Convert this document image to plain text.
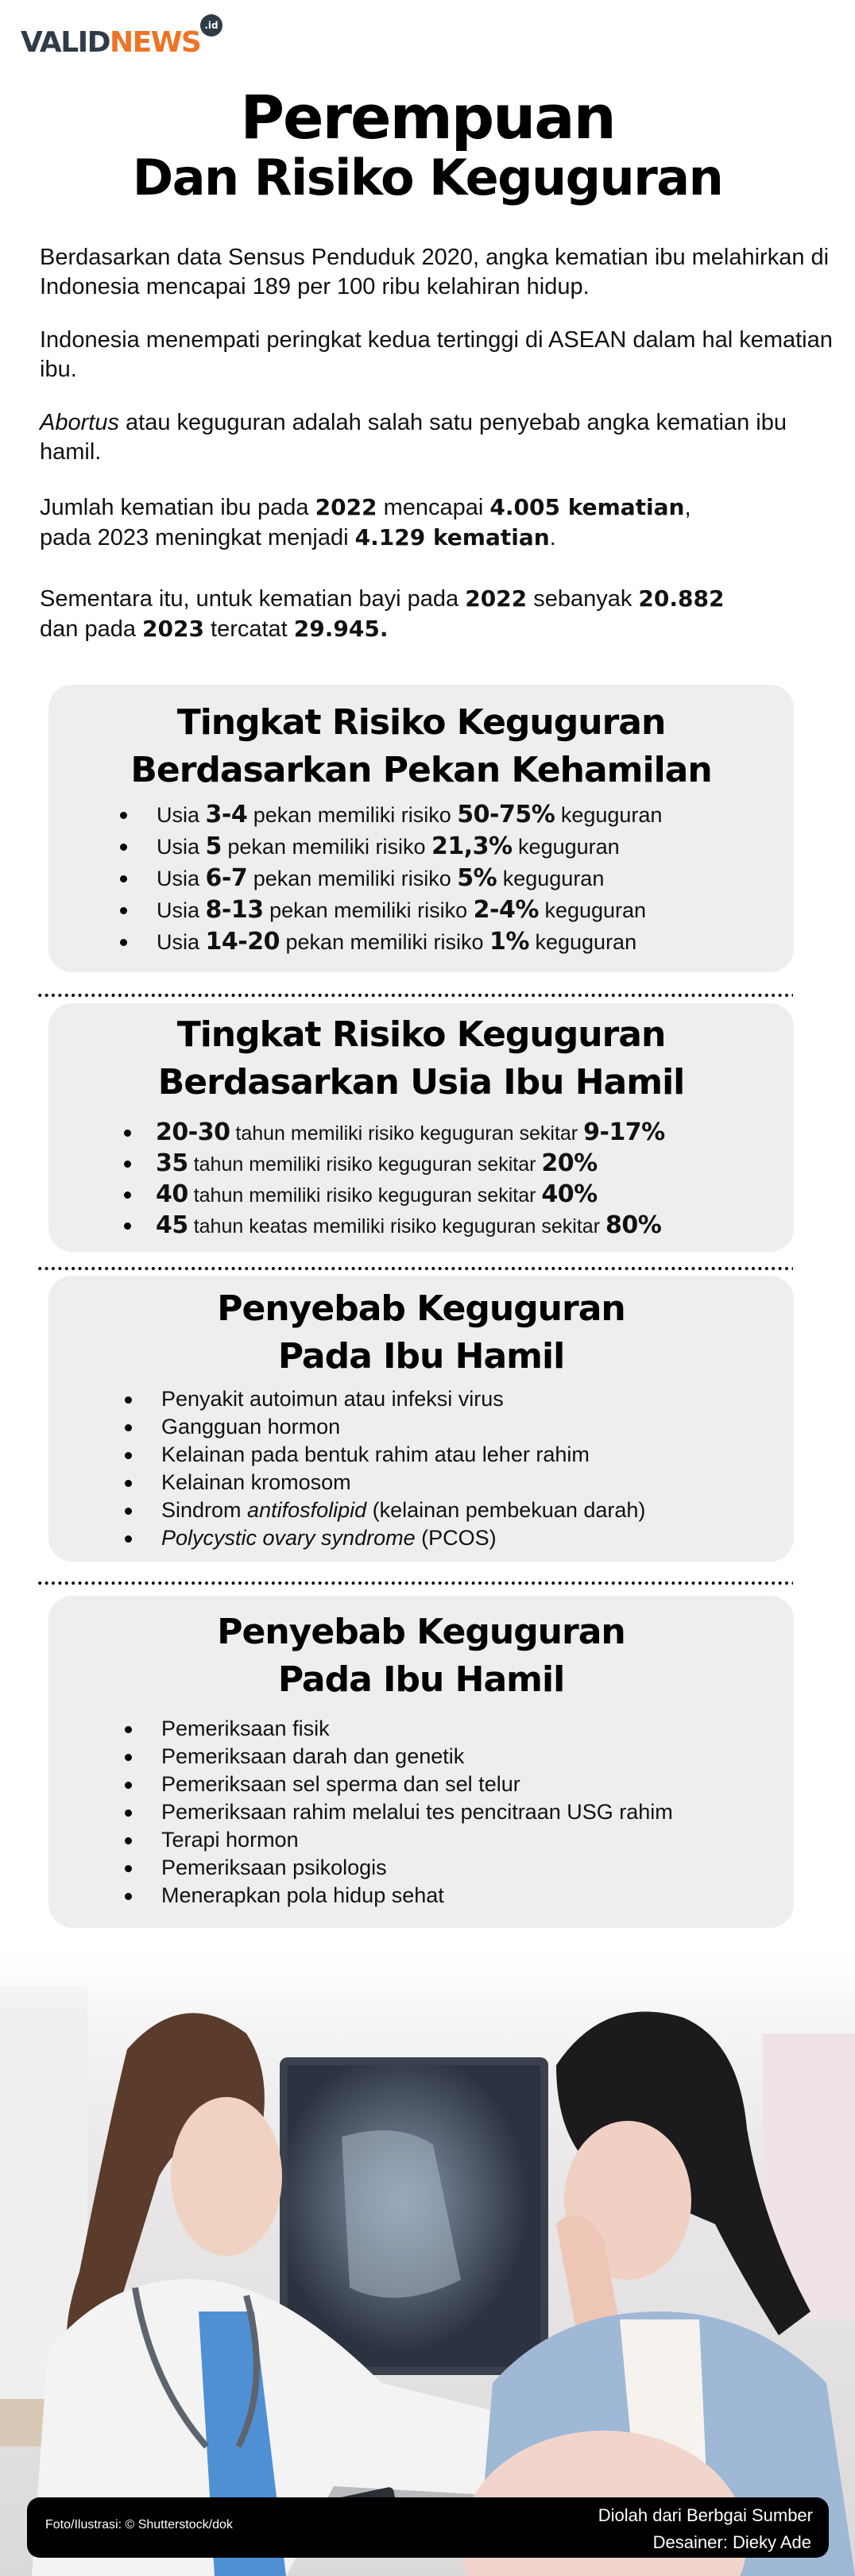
VALID NEWS
.id
Perempuan
Dan Risiko Keguguran

Berdasarkan data Sensus Penduduk 2020, angka kematian ibu melahirkan di Indonesia mencapai 189 per 100 ribu kelahiran hidup.

Indonesia menempati peringkat kedua tertinggi di ASEAN dalam hal kematian ibu.

Abortus atau keguguran adalah salah satu penyebab angka kematian ibu hamil.

Jumlah kematian ibu pada 2022 mencapai 4.005 kematian,
pada 2023 meningkat menjadi 4.129 kematian.

Sementara itu, untuk kematian bayi pada 2022 sebanyak 20.882
dan pada 2023 tercatat 29.945.

Tingkat Risiko Keguguran
Berdasarkan Pekan Kehamilan
Usia 3-4 pekan memiliki risiko 50-75% keguguran
Usia 5 pekan memiliki risiko 21,3% keguguran
Usia 6-7 pekan memiliki risiko 5% keguguran
Usia 8-13 pekan memiliki risiko 2-4% keguguran
Usia 14-20 pekan memiliki risiko 1% keguguran
Tingkat Risiko Keguguran
Berdasarkan Usia Ibu Hamil
20-30 tahun memiliki risiko keguguran sekitar 9-17%
35 tahun memiliki risiko keguguran sekitar 20%
40 tahun memiliki risiko keguguran sekitar 40%
45 tahun keatas memiliki risiko keguguran sekitar 80%
Penyebab Keguguran
Pada Ibu Hamil
Penyakit autoimun atau infeksi virus
Gangguan hormon
Kelainan pada bentuk rahim atau leher rahim
Kelainan kromosom
Sindrom antifosfolipid (kelainan pembekuan darah)
Polycystic ovary syndrome (PCOS)
Penyebab Keguguran
Pada Ibu Hamil
Pemeriksaan fisik
Pemeriksaan darah dan genetik
Pemeriksaan sel sperma dan sel telur
Pemeriksaan rahim melalui tes pencitraan USG rahim
Terapi hormon
Pemeriksaan psikologis
Menerapkan pola hidup sehat
Foto/Ilustrasi: © Shutterstock/dok	Diolah dari Berbgai Sumber
Desainer: Dieky Ade
